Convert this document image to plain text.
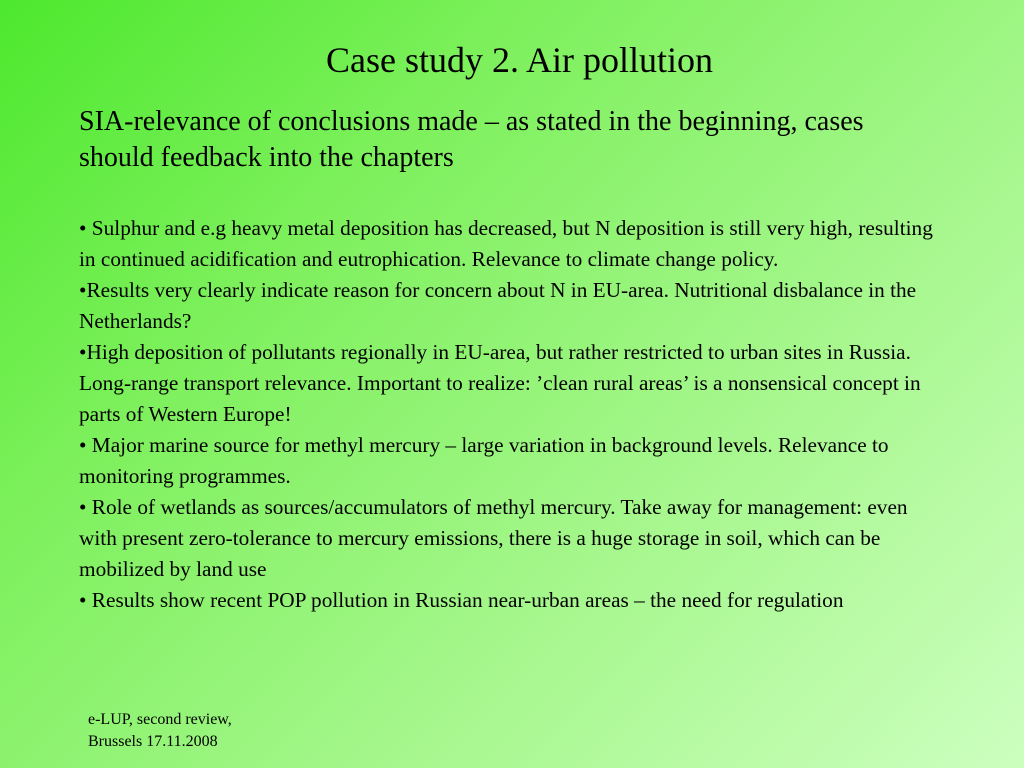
Case study 2. Air pollution
SIA-relevance of conclusions made – as stated in the beginning, cases should feedback into the chapters

• Sulphur and e.g heavy metal deposition has decreased, but N deposition is still very high, resulting in continued acidification and eutrophication. Relevance to climate change policy.

•Results very clearly indicate reason for concern about N in EU-area. Nutritional disbalance in the Netherlands?

•High deposition of pollutants regionally in EU-area, but rather restricted to urban sites in Russia. Long-range transport relevance. Important to realize: ’clean rural areas’ is a nonsensical concept in parts of Western Europe!

• Major marine source for methyl mercury – large variation in background levels. Relevance to monitoring programmes.

• Role of wetlands as sources/accumulators of methyl mercury. Take away for management: even with present zero-tolerance to mercury emissions, there is a huge storage in soil, which can be mobilized by land use

• Results show recent POP pollution in Russian near-urban areas – the need for regulation

e-LUP, second review,
Brussels 17.11.2008
